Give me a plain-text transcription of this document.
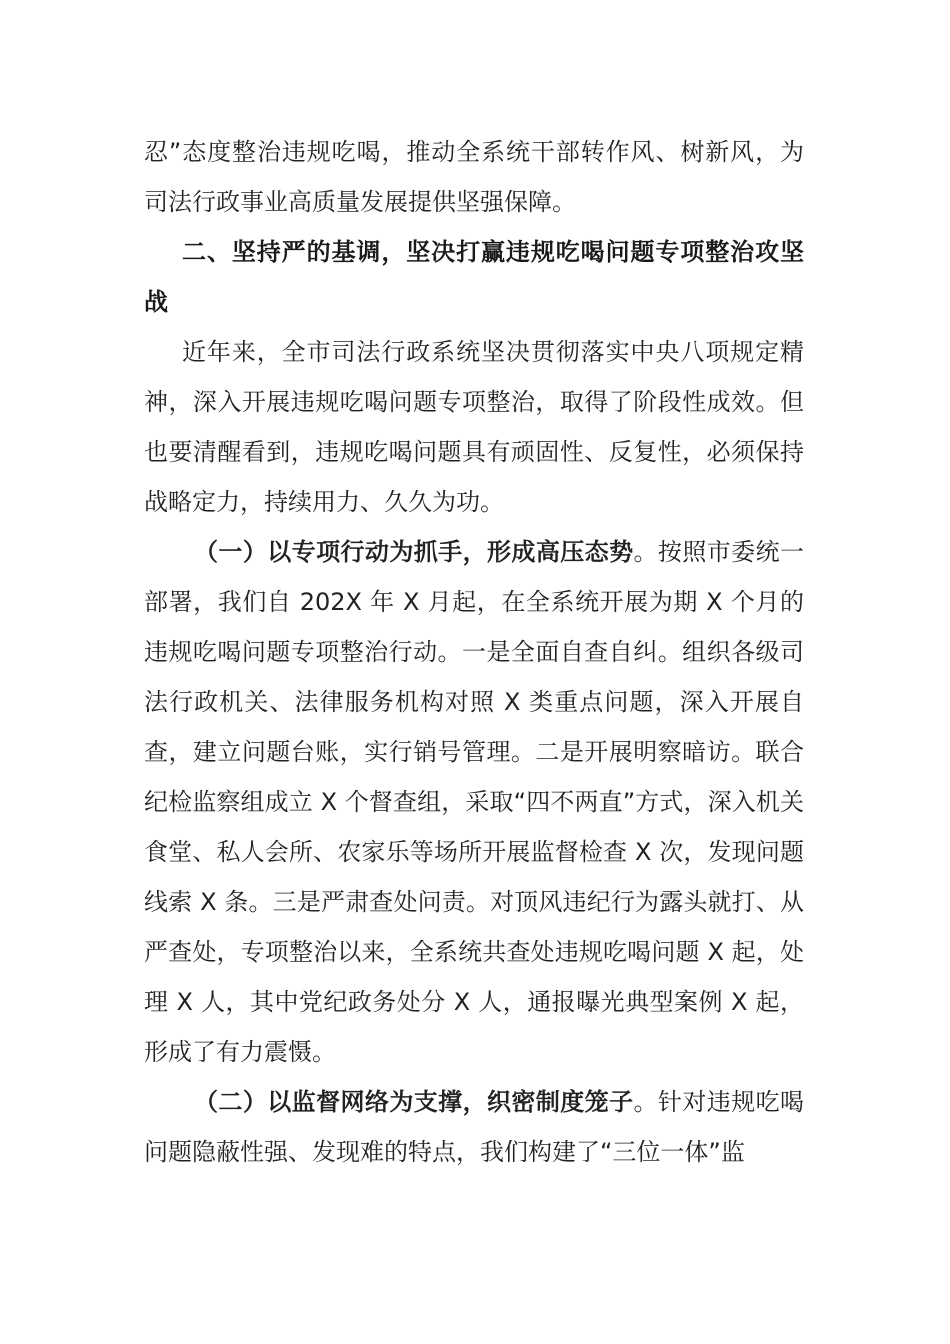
忍”态度整治违规吃喝，推动全系统干部转作风、树新风，为司法行政事业高质量发展提供坚强保障。

二、坚持严的基调，坚决打赢违规吃喝问题专项整治攻坚战

近年来，全市司法行政系统坚决贯彻落实中央八项规定精神，深入开展违规吃喝问题专项整治，取得了阶段性成效。但也要清醒看到，违规吃喝问题具有顽固性、反复性，必须保持战略定力，持续用力、久久为功。

（一）以专项行动为抓手，形成高压态势。按照市委统一部署，我们自 202X 年 X 月起，在全系统开展为期 X 个月的违规吃喝问题专项整治行动。一是全面自查自纠。组织各级司法行政机关、法律服务机构对照 X 类重点问题，深入开展自查，建立问题台账，实行销号管理。二是开展明察暗访。联合纪检监察组成立 X 个督查组，采取“四不两直”方式，深入机关食堂、私人会所、农家乐等场所开展监督检查 X 次，发现问题线索 X 条。三是严肃查处问责。对顶风违纪行为露头就打、从严查处，专项整治以来，全系统共查处违规吃喝问题 X 起，处理 X 人，其中党纪政务处分 X 人，通报曝光典型案例 X 起，形成了有力震慑。

（二）以监督网络为支撑，织密制度笼子。针对违规吃喝问题隐蔽性强、发现难的特点，我们构建了“三位一体”监
